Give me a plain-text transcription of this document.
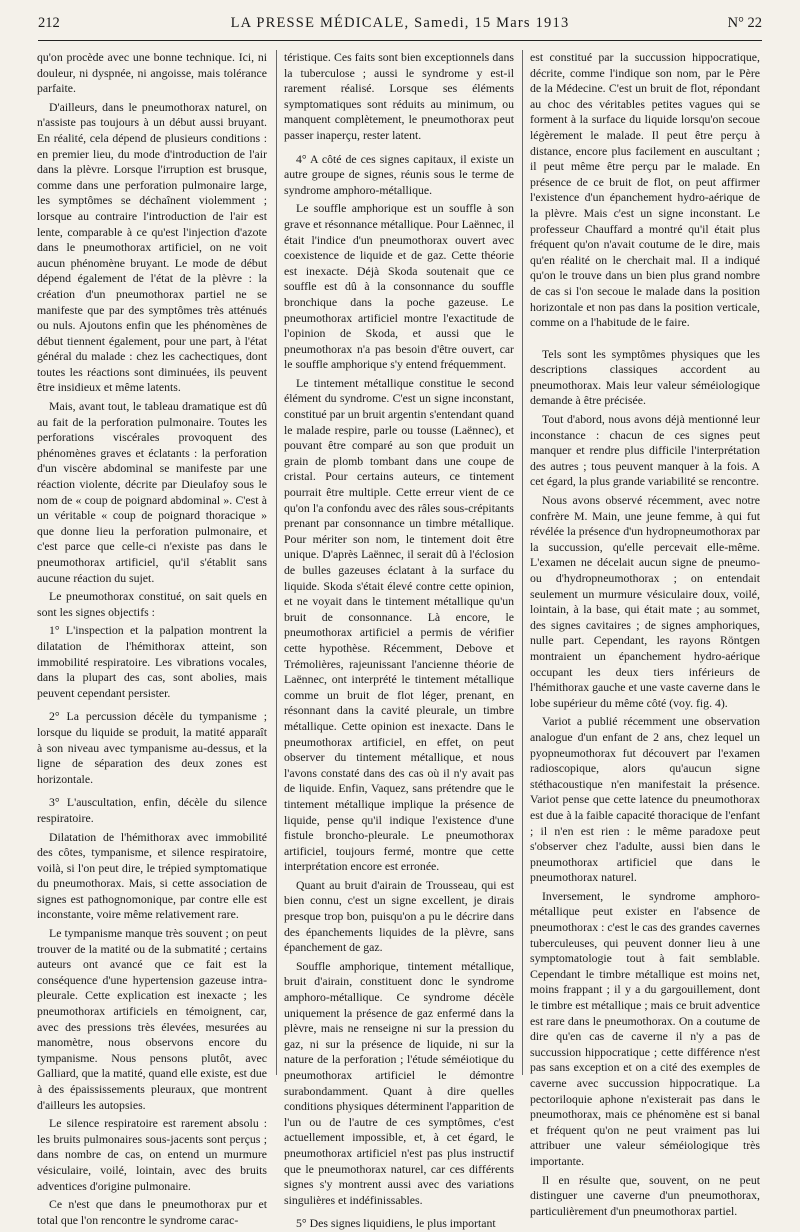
212	LA PRESSE MÉDICALE, Samedi, 15 Mars 1913	N° 22

qu'on procède avec une bonne technique. Ici, ni douleur, ni dyspnée, ni angoisse, mais tolérance parfaite.

D'ailleurs, dans le pneumothorax naturel, on n'assiste pas toujours à un début aussi bruyant. En réalité, cela dépend de plusieurs conditions : en premier lieu, du mode d'introduction de l'air dans la plèvre. Lorsque l'irruption est brusque, comme dans une perforation pulmonaire large, les symptômes se déchaînent violemment ; lorsque au contraire l'introduction de l'air est lente, comparable à ce qu'est l'injection d'azote dans le pneumothorax artificiel, on ne voit aucun phénomène bruyant. Le mode de début dépend également de l'état de la plèvre : la création d'un pneumothorax partiel ne se manifeste que par des symptômes très atténués ou nuls. Ajoutons enfin que les phénomènes de début tiennent également, pour une part, à l'état général du malade : chez les cachectiques, dont toutes les réactions sont diminuées, ils peuvent être insidieux et même latents.

Mais, avant tout, le tableau dramatique est dû au fait de la perforation pulmonaire. Toutes les perforations viscérales provoquent des phénomènes graves et éclatants : la perforation d'un viscère abdominal se manifeste par une réaction violente, décrite par Dieulafoy sous le nom de « coup de poignard abdominal ». C'est à un véritable « coup de poignard thoracique » que donne lieu la perforation pulmonaire, et c'est parce que celle-ci n'existe pas dans le pneumothorax artificiel, qu'il s'établit sans aucune réaction du sujet.

Le pneumothorax constitué, on sait quels en sont les signes objectifs :

1° L'inspection et la palpation montrent la dilatation de l'hémithorax atteint, son immobilité respiratoire. Les vibrations vocales, dans la plupart des cas, sont abolies, mais peuvent cependant persister.

2° La percussion décèle du tympanisme ; lorsque du liquide se produit, la matité apparaît à son niveau avec tympanisme au-dessus, et la ligne de séparation des deux zones est horizontale.

3° L'auscultation, enfin, décèle du silence respiratoire.

Dilatation de l'hémithorax avec immobilité des côtes, tympanisme, et silence respiratoire, voilà, si l'on peut dire, le trépied symptomatique du pneumothorax. Mais, si cette association de signes est pathognomonique, par contre elle est inconstante, voire même relativement rare.

Le tympanisme manque très souvent ; on peut trouver de la matité ou de la submatité ; certains auteurs ont avancé que ce fait est la conséquence d'une hypertension gazeuse intra-pleurale. Cette explication est inexacte ; les pneumothorax artificiels en témoignent, car, avec des pressions très élevées, mesurées au manomètre, nous observons encore du tympanisme. Nous pensons plutôt, avec Galliard, que la matité, quand elle existe, est due à des épaississements pleuraux, que montrent d'ailleurs les autopsies.

Le silence respiratoire est rarement absolu : les bruits pulmonaires sous-jacents sont perçus ; dans nombre de cas, on entend un murmure vésiculaire, voilé, lointain, avec des bruits adventices d'origine pulmonaire.

Ce n'est que dans le pneumothorax pur et total que l'on rencontre le syndrome carac-

téristique. Ces faits sont bien exceptionnels dans la tuberculose ; aussi le syndrome y est-il rarement réalisé. Lorsque ses éléments symptomatiques sont réduits au minimum, ou manquent complètement, le pneumothorax peut passer inaperçu, rester latent.

4° A côté de ces signes capitaux, il existe un autre groupe de signes, réunis sous le terme de syndrome amphoro-métallique.

Le souffle amphorique est un souffle à son grave et résonnance métallique. Pour Laënnec, il était l'indice d'un pneumothorax ouvert avec coexistence de liquide et de gaz. Cette théorie est inexacte. Déjà Skoda soutenait que ce souffle est dû à la consonnance du souffle bronchique dans la poche gazeuse. Le pneumothorax artificiel montre l'exactitude de l'opinion de Skoda, et aussi que le pneumothorax n'a pas besoin d'être ouvert, car le souffle amphorique s'y entend fréquemment.

Le tintement métallique constitue le second élément du syndrome. C'est un signe inconstant, constitué par un bruit argentin s'entendant quand le malade respire, parle ou tousse (Laënnec), et pouvant être comparé au son que produit un grain de plomb tombant dans une coupe de cristal. Pour certains auteurs, ce tintement pourrait être multiple. Cette erreur vient de ce qu'on l'a confondu avec des râles sous-crépitants prenant par consonnance un timbre métallique. Pour mériter son nom, le tintement doit être unique. D'après Laënnec, il serait dû à l'éclosion de bulles gazeuses éclatant à la surface du liquide. Skoda s'était élevé contre cette opinion, et ne voyait dans le tintement métallique qu'un bruit de consonnance. Là encore, le pneumothorax artificiel a permis de vérifier cette hypothèse. Récemment, Debove et Trémolières, rajeunissant l'ancienne théorie de Laënnec, ont interprété le tintement métallique comme un bruit de flot léger, prenant, en résonnant dans la cavité pleurale, un timbre métallique. Cette opinion est inexacte. Dans le pneumothorax artificiel, en effet, on peut observer du tintement métallique, et nous l'avons constaté dans des cas où il n'y avait pas de liquide. Enfin, Vaquez, sans prétendre que le tintement métallique implique la présence de liquide, pense qu'il indique l'existence d'une fistule broncho-pleurale. Le pneumothorax artificiel, toujours fermé, montre que cette interprétation encore est erronée.

Quant au bruit d'airain de Trousseau, qui est bien connu, c'est un signe excellent, je dirais presque trop bon, puisqu'on a pu le décrire dans des épanchements liquides de la plèvre, sans épanchement de gaz.

Souffle amphorique, tintement métallique, bruit d'airain, constituent donc le syndrome amphoro-métallique. Ce syndrome décèle uniquement la présence de gaz enfermé dans la plèvre, mais ne renseigne ni sur la pression du gaz, ni sur la présence de liquide, ni sur la nature de la perforation ; l'étude séméiotique du pneumothorax artificiel le démontre surabondamment. Quant à dire quelles conditions physiques déterminent l'apparition de l'un ou de l'autre de ces symptômes, c'est actuellement impossible, et, à cet égard, le pneumothorax artificiel n'est pas plus instructif que le pneumothorax naturel, car ces différents signes s'y montrent aussi avec des variations singulières et indéfinissables.

5° Des signes liquidiens, le plus important

est constitué par la succussion hippocratique, décrite, comme l'indique son nom, par le Père de la Médecine. C'est un bruit de flot, répondant au choc des véritables petites vagues qui se forment à la surface du liquide lorsqu'on secoue légèrement le malade. Il peut être perçu à distance, encore plus facilement en auscultant ; il peut même être perçu par le malade. En présence de ce bruit de flot, on peut affirmer l'existence d'un épanchement hydro-aérique de la plèvre. Mais c'est un signe inconstant. Le professeur Chauffard a montré qu'il était plus fréquent qu'on n'avait coutume de le dire, mais qu'en réalité on le cherchait mal. Il a indiqué qu'on le trouve dans un bien plus grand nombre de cas si l'on secoue le malade dans la position horizontale et non pas dans la position verticale, comme on a l'habitude de le faire.

Tels sont les symptômes physiques que les descriptions classiques accordent au pneumothorax. Mais leur valeur séméiologique demande à être précisée.

Tout d'abord, nous avons déjà mentionné leur inconstance : chacun de ces signes peut manquer et rendre plus difficile l'interprétation des autres ; tous peuvent manquer à la fois. A cet égard, la plus grande variabilité se rencontre.

Nous avons observé récemment, avec notre confrère M. Main, une jeune femme, à qui fut révélée la présence d'un hydropneumothorax par la succussion, qu'elle percevait elle-même. L'examen ne décelait aucun signe de pneumo- ou d'hydropneumothorax ; on entendait seulement un murmure vésiculaire doux, voilé, lointain, à la base, qui était mate ; au sommet, des signes cavitaires ; de signes amphoriques, nulle part. Cependant, les rayons Röntgen montraient un épanchement hydro-aérique occupant les deux tiers inférieurs de l'hémithorax gauche et une vaste caverne dans le lobe supérieur du même côté (voy. fig. 4).

Variot a publié récemment une observation analogue d'un enfant de 2 ans, chez lequel un pyopneumothorax fut découvert par l'examen radioscopique, alors qu'aucun signe stéthacoustique n'en manifestait la présence. Variot pense que cette latence du pneumothorax est due à la faible capacité thoracique de l'enfant ; il n'en est rien : le même paradoxe peut s'observer chez l'adulte, aussi bien dans le pneumothorax artificiel que dans le pneumothorax naturel.

Inversement, le syndrome amphoro-métallique peut exister en l'absence de pneumothorax : c'est le cas des grandes cavernes tuberculeuses, qui peuvent donner lieu à une symptomatologie tout à fait semblable. Cependant le timbre métallique est moins net, moins frappant ; il y a du gargouillement, dont le timbre est métallique ; mais ce bruit adventice est rare dans le pneumothorax. On a coutume de dire qu'en cas de caverne il n'y a pas de succussion hippocratique ; cette différence n'est pas sans exception et on a cité des exemples de caverne avec succussion hippocratique. La pectoriloquie aphone n'existerait pas dans le pneumothorax, mais ce phénomène est si banal et fréquent qu'on ne peut vraiment pas lui attribuer une valeur séméiologique très importante.

Il en résulte que, souvent, on ne peut distinguer une caverne d'un pneumothorax, particulièrement d'un pneumothorax partiel.
